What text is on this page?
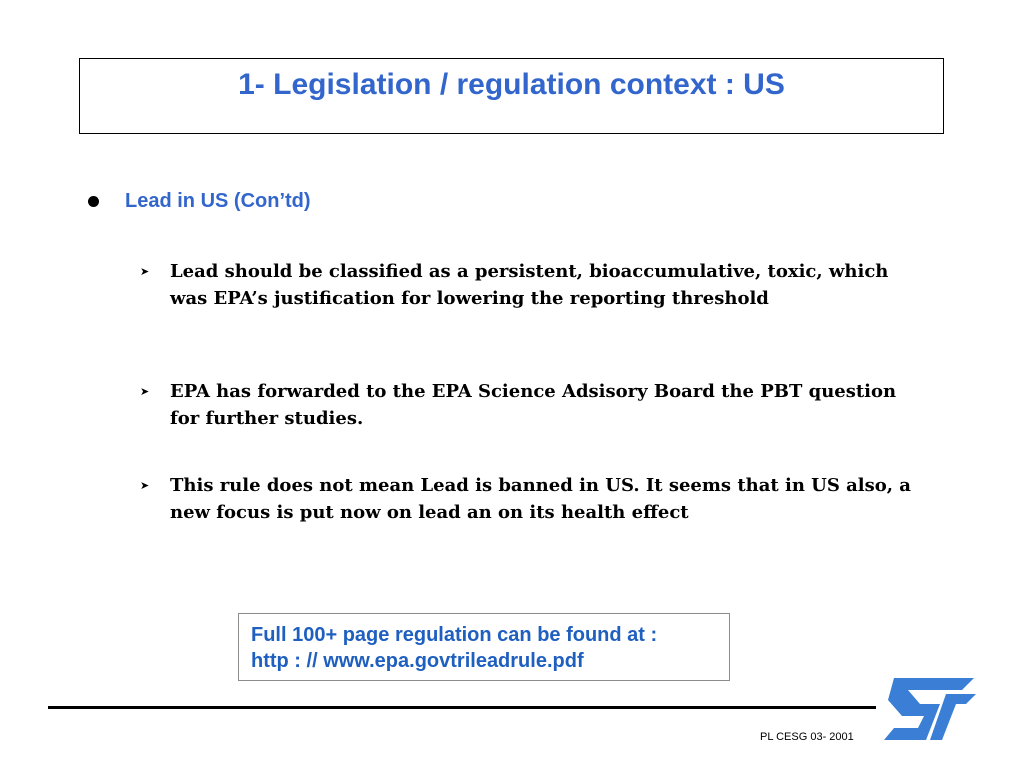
1- Legislation / regulation context : US
Lead in US (Con’td)
➤	Lead should be classified as a persistent, bioaccumulative, toxic, which was EPA’s justification for lowering the reporting threshold
➤	EPA has forwarded to the EPA Science Adsisory Board the PBT question for further studies.
➤	This rule does not mean Lead is banned in US. It seems that in US also, a new focus is put now on lead an on its health effect
Full 100+ page regulation can be found at :
http : // www.epa.govtrileadrule.pdf
PL CESG 03- 2001
